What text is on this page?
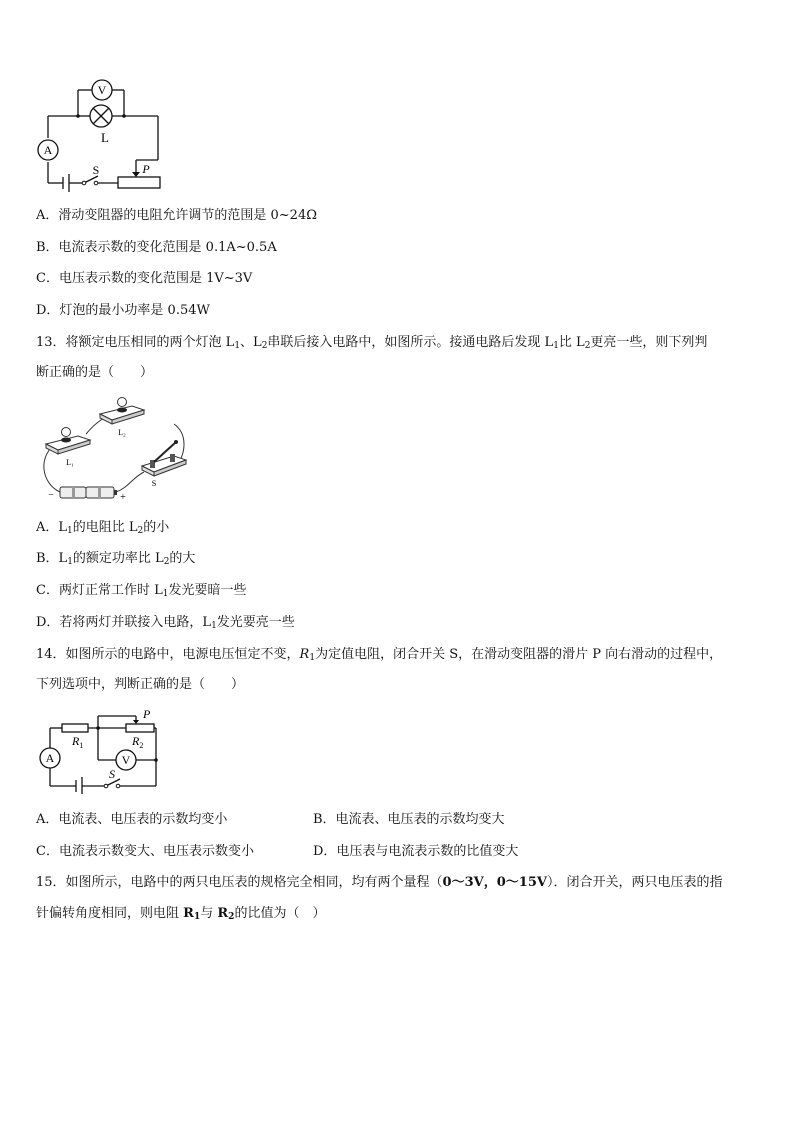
A
V
L
S	P
A．滑动变阻器的电阻允许调节的范围是 0~24Ω
B．电流表示数的变化范围是 0.1A~0.5A
C．电压表示数的变化范围是 1V~3V
D．灯泡的最小功率是 0.54W
13．将额定电压相同的两个灯泡 $L_1$、$L_2$串联后接入电路中，如图所示。接通电路后发现 $L_1$比 $L_2$更亮一些，则下列判
断正确的是（　　）
L₁
L₂
S
−	+
A．$L_1$的电阻比 $L_2$的小
B．$L_1$的额定功率比 $L_2$的大
C．两灯正常工作时 $L_1$发光要暗一些
D．若将两灯并联接入电路，$L_1$发光要亮一些
14．如图所示的电路中，电源电压恒定不变，$R_1$为定值电阻，闭合开关 S，在滑动变阻器的滑片 P 向右滑动的过程中，
下列选项中，判断正确的是（　　）
P
$R_1$	$R_2$
A	V
S
A．电流表、电压表的示数均变小	B．电流表、电压表的示数均变大
C．电流表示数变大、电压表示数变小	D．电压表与电流表示数的比值变大
15．如图所示，电路中的两只电压表的规格完全相同，均有两个量程（0～3V，0～15V）．闭合开关，两只电压表的指
针偏转角度相同，则电阻 $R_1$与 $R_2$的比值为（　）
